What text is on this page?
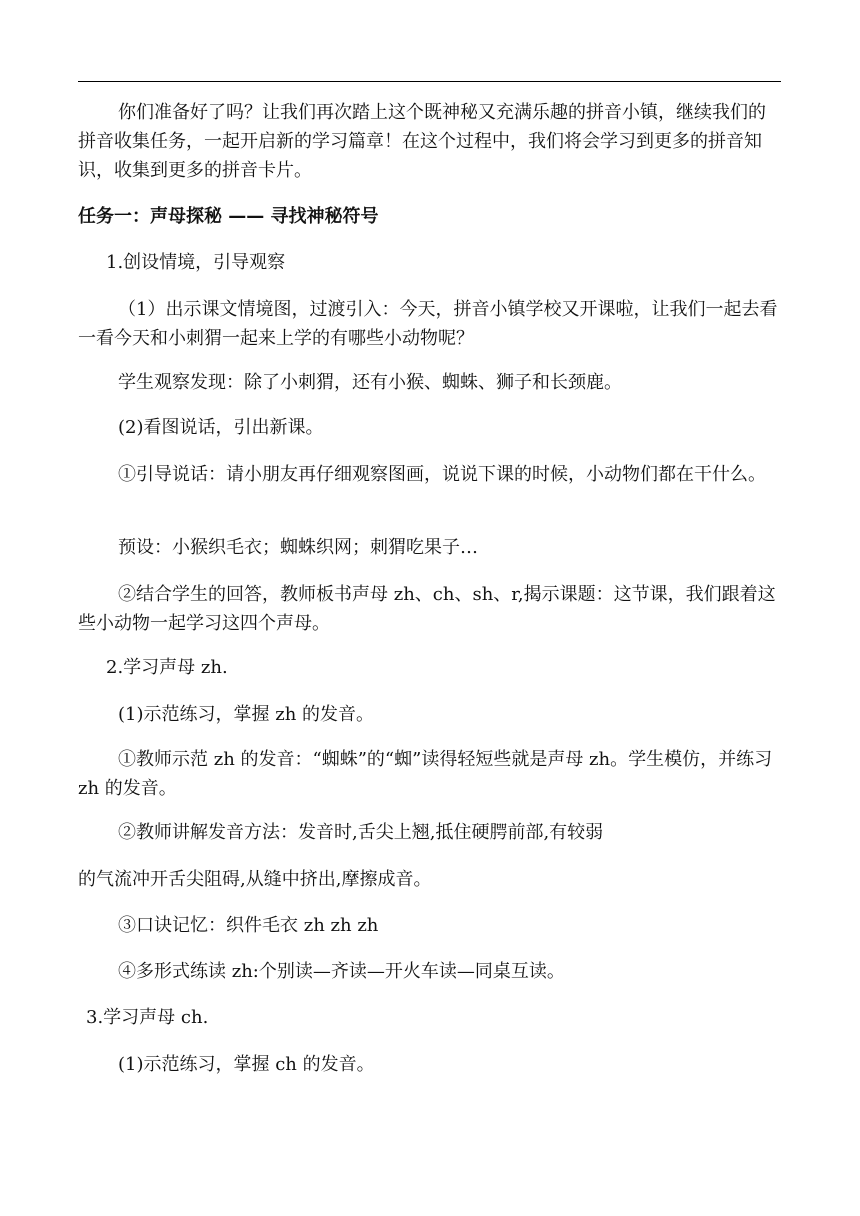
你们准备好了吗？让我们再次踏上这个既神秘又充满乐趣的拼音小镇，继续我们的拼音收集任务，一起开启新的学习篇章！在这个过程中，我们将会学习到更多的拼音知识，收集到更多的拼音卡片。

任务一：声母探秘 —— 寻找神秘符号

1.创设情境，引导观察

（1）出示课文情境图，过渡引入：今天，拼音小镇学校又开课啦，让我们一起去看一看今天和小刺猬一起来上学的有哪些小动物呢？

学生观察发现：除了小刺猬，还有小猴、蜘蛛、狮子和长颈鹿。

(2)看图说话，引出新课。

①引导说话：请小朋友再仔细观察图画，说说下课的时候，小动物们都在干什么。

预设：小猴织毛衣；蜘蛛织网；刺猬吃果子…

②结合学生的回答，教师板书声母 zh、ch、sh、r,揭示课题：这节课，我们跟着这些小动物一起学习这四个声母。

2.学习声母 zh.

(1)示范练习，掌握 zh 的发音。

①教师示范 zh 的发音：“蜘蛛”的“蜘”读得轻短些就是声母 zh。学生模仿，并练习 zh 的发音。

②教师讲解发音方法：发音时,舌尖上翘,抵住硬腭前部,有较弱

的气流冲开舌尖阻碍,从缝中挤出,摩擦成音。

③口诀记忆：织件毛衣 zh zh zh

④多形式练读 zh:个别读—齐读—开火车读—同桌互读。

3.学习声母 ch.

(1)示范练习，掌握 ch 的发音。
